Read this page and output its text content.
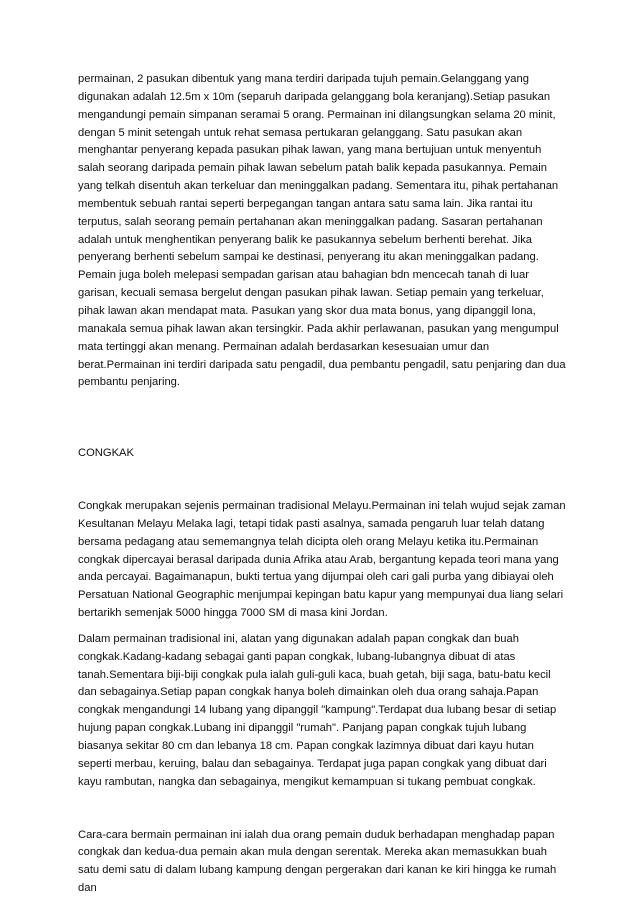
permainan, 2 pasukan dibentuk yang mana terdiri daripada tujuh pemain.Gelanggang yang digunakan adalah 12.5m x 10m (separuh daripada gelanggang bola keranjang).Setiap pasukan mengandungi pemain simpanan seramai 5 orang. Permainan ini dilangsungkan selama 20 minit, dengan 5 minit setengah untuk rehat semasa pertukaran gelanggang. Satu pasukan akan menghantar penyerang kepada pasukan pihak lawan, yang mana bertujuan untuk menyentuh salah seorang daripada pemain pihak lawan sebelum patah balik kepada pasukannya. Pemain yang telkah disentuh akan terkeluar dan meninggalkan padang. Sementara itu, pihak pertahanan membentuk sebuah rantai seperti berpegangan tangan antara satu sama lain. Jika rantai itu terputus, salah seorang pemain pertahanan akan meninggalkan padang. Sasaran pertahanan adalah untuk menghentikan penyerang balik ke pasukannya sebelum berhenti berehat. Jika penyerang berhenti sebelum sampai ke destinasi, penyerang itu akan meninggalkan padang. Pemain juga boleh melepasi sempadan garisan atau bahagian bdn mencecah tanah di luar garisan, kecuali semasa bergelut dengan pasukan pihak lawan. Setiap pemain yang terkeluar, pihak lawan akan mendapat mata. Pasukan yang skor dua mata bonus, yang dipanggil lona, manakala semua pihak lawan akan tersingkir. Pada akhir perlawanan, pasukan yang mengumpul mata tertinggi akan menang. Permainan adalah berdasarkan kesesuaian umur dan berat.Permainan ini terdiri daripada satu pengadil, dua pembantu pengadil, satu penjaring dan dua pembantu penjaring.

CONGKAK

Congkak merupakan sejenis permainan tradisional Melayu.Permainan ini telah wujud sejak zaman Kesultanan Melayu Melaka lagi, tetapi tidak pasti asalnya, samada pengaruh luar telah datang bersama pedagang atau sememangnya telah dicipta oleh orang Melayu ketika itu.Permainan congkak dipercayai berasal daripada dunia Afrika atau Arab, bergantung kepada teori mana yang anda percayai. Bagaimanapun, bukti tertua yang dijumpai oleh cari gali purba yang dibiayai oleh Persatuan National Geographic menjumpai kepingan batu kapur yang mempunyai dua liang selari bertarikh semenjak 5000 hingga 7000 SM di masa kini Jordan.

Dalam permainan tradisional ini, alatan yang digunakan adalah papan congkak dan buah congkak.Kadang-kadang sebagai ganti papan congkak, lubang-lubangnya dibuat di atas tanah.Sementara biji-biji congkak pula ialah guli-guli kaca, buah getah, biji saga, batu-batu kecil dan sebagainya.Setiap papan congkak hanya boleh dimainkan oleh dua orang sahaja.Papan congkak mengandungi 14 lubang yang dipanggil "kampung".Terdapat dua lubang besar di setiap hujung papan congkak.Lubang ini dipanggil "rumah". Panjang papan congkak tujuh lubang biasanya sekitar 80 cm dan lebanya 18 cm. Papan congkak lazimnya dibuat dari kayu hutan seperti merbau, keruing, balau dan sebagainya. Terdapat juga papan congkak yang dibuat dari kayu rambutan, nangka dan sebagainya, mengikut kemampuan si tukang pembuat congkak.

Cara-cara bermain permainan ini ialah dua orang pemain duduk berhadapan menghadap papan congkak dan kedua-dua pemain akan mula dengan serentak. Mereka akan memasukkan buah satu demi satu di dalam lubang kampung dengan pergerakan dari kanan ke kiri hingga ke rumah dan
